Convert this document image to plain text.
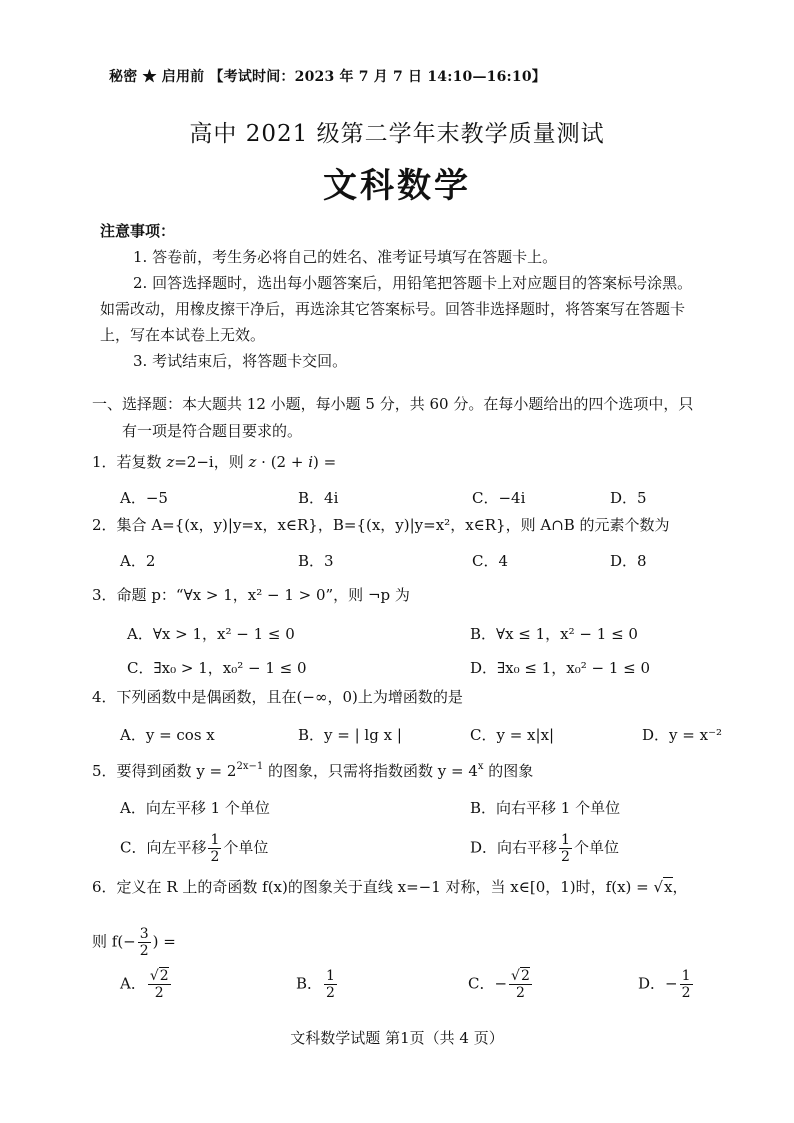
秘密 ★ 启用前 【考试时间：2023 年 7 月 7 日 14:10—16:10】
高中 2021 级第二学年末教学质量测试
文科数学
注意事项：
1. 答卷前，考生务必将自己的姓名、准考证号填写在答题卡上。
2. 回答选择题时，选出每小题答案后，用铅笔把答题卡上对应题目的答案标号涂黑。
如需改动，用橡皮擦干净后，再选涂其它答案标号。回答非选择题时，将答案写在答题卡
上，写在本试卷上无效。
3. 考试结束后，将答题卡交回。
一、选择题：本大题共 12 小题，每小题 5 分，共 60 分。在每小题给出的四个选项中，只
有一项是符合题目要求的。
1．若复数 z=2−i，则 z · (2 + i) =
A．−5	B．4i	C．−4i	D．5
2．集合 A={(x，y)|y=x，x∈R}，B={(x，y)|y=x²，x∈R}，则 A∩B 的元素个数为
A．2	B．3	C．4	D．8
3．命题 p：“∀x > 1，x² − 1 > 0”，则 ¬p 为
A．∀x > 1，x² − 1 ≤ 0	B．∀x ≤ 1，x² − 1 ≤ 0
C．∃x₀ > 1，x₀² − 1 ≤ 0	D．∃x₀ ≤ 1，x₀² − 1 ≤ 0
4．下列函数中是偶函数，且在(−∞，0)上为增函数的是
A．y = cos x	B．y = | lg x |	C．y = x|x|	D．y = x⁻²
5．要得到函数 $y = 2^{2x-1}$ 的图象，只需将指数函数 $y = 4^x$ 的图象
A．向左平移 1 个单位	B．向右平移 1 个单位
C．向左平移 $\frac{1}{2}$ 个单位	D．向右平移 $\frac{1}{2}$ 个单位
6．定义在 R 上的奇函数 f(x)的图象关于直线 x=−1 对称，当 x∈[0，1)时，f(x) = √x，
则 $f(- \frac{3}{2}$ ) =
A． $\frac{√2}{2}$	B． $\frac{1}{2}$	C．− $\frac{√2}{2}$	D．− $\frac{1}{2}$
文科数学试题 第1页（共 4 页）
